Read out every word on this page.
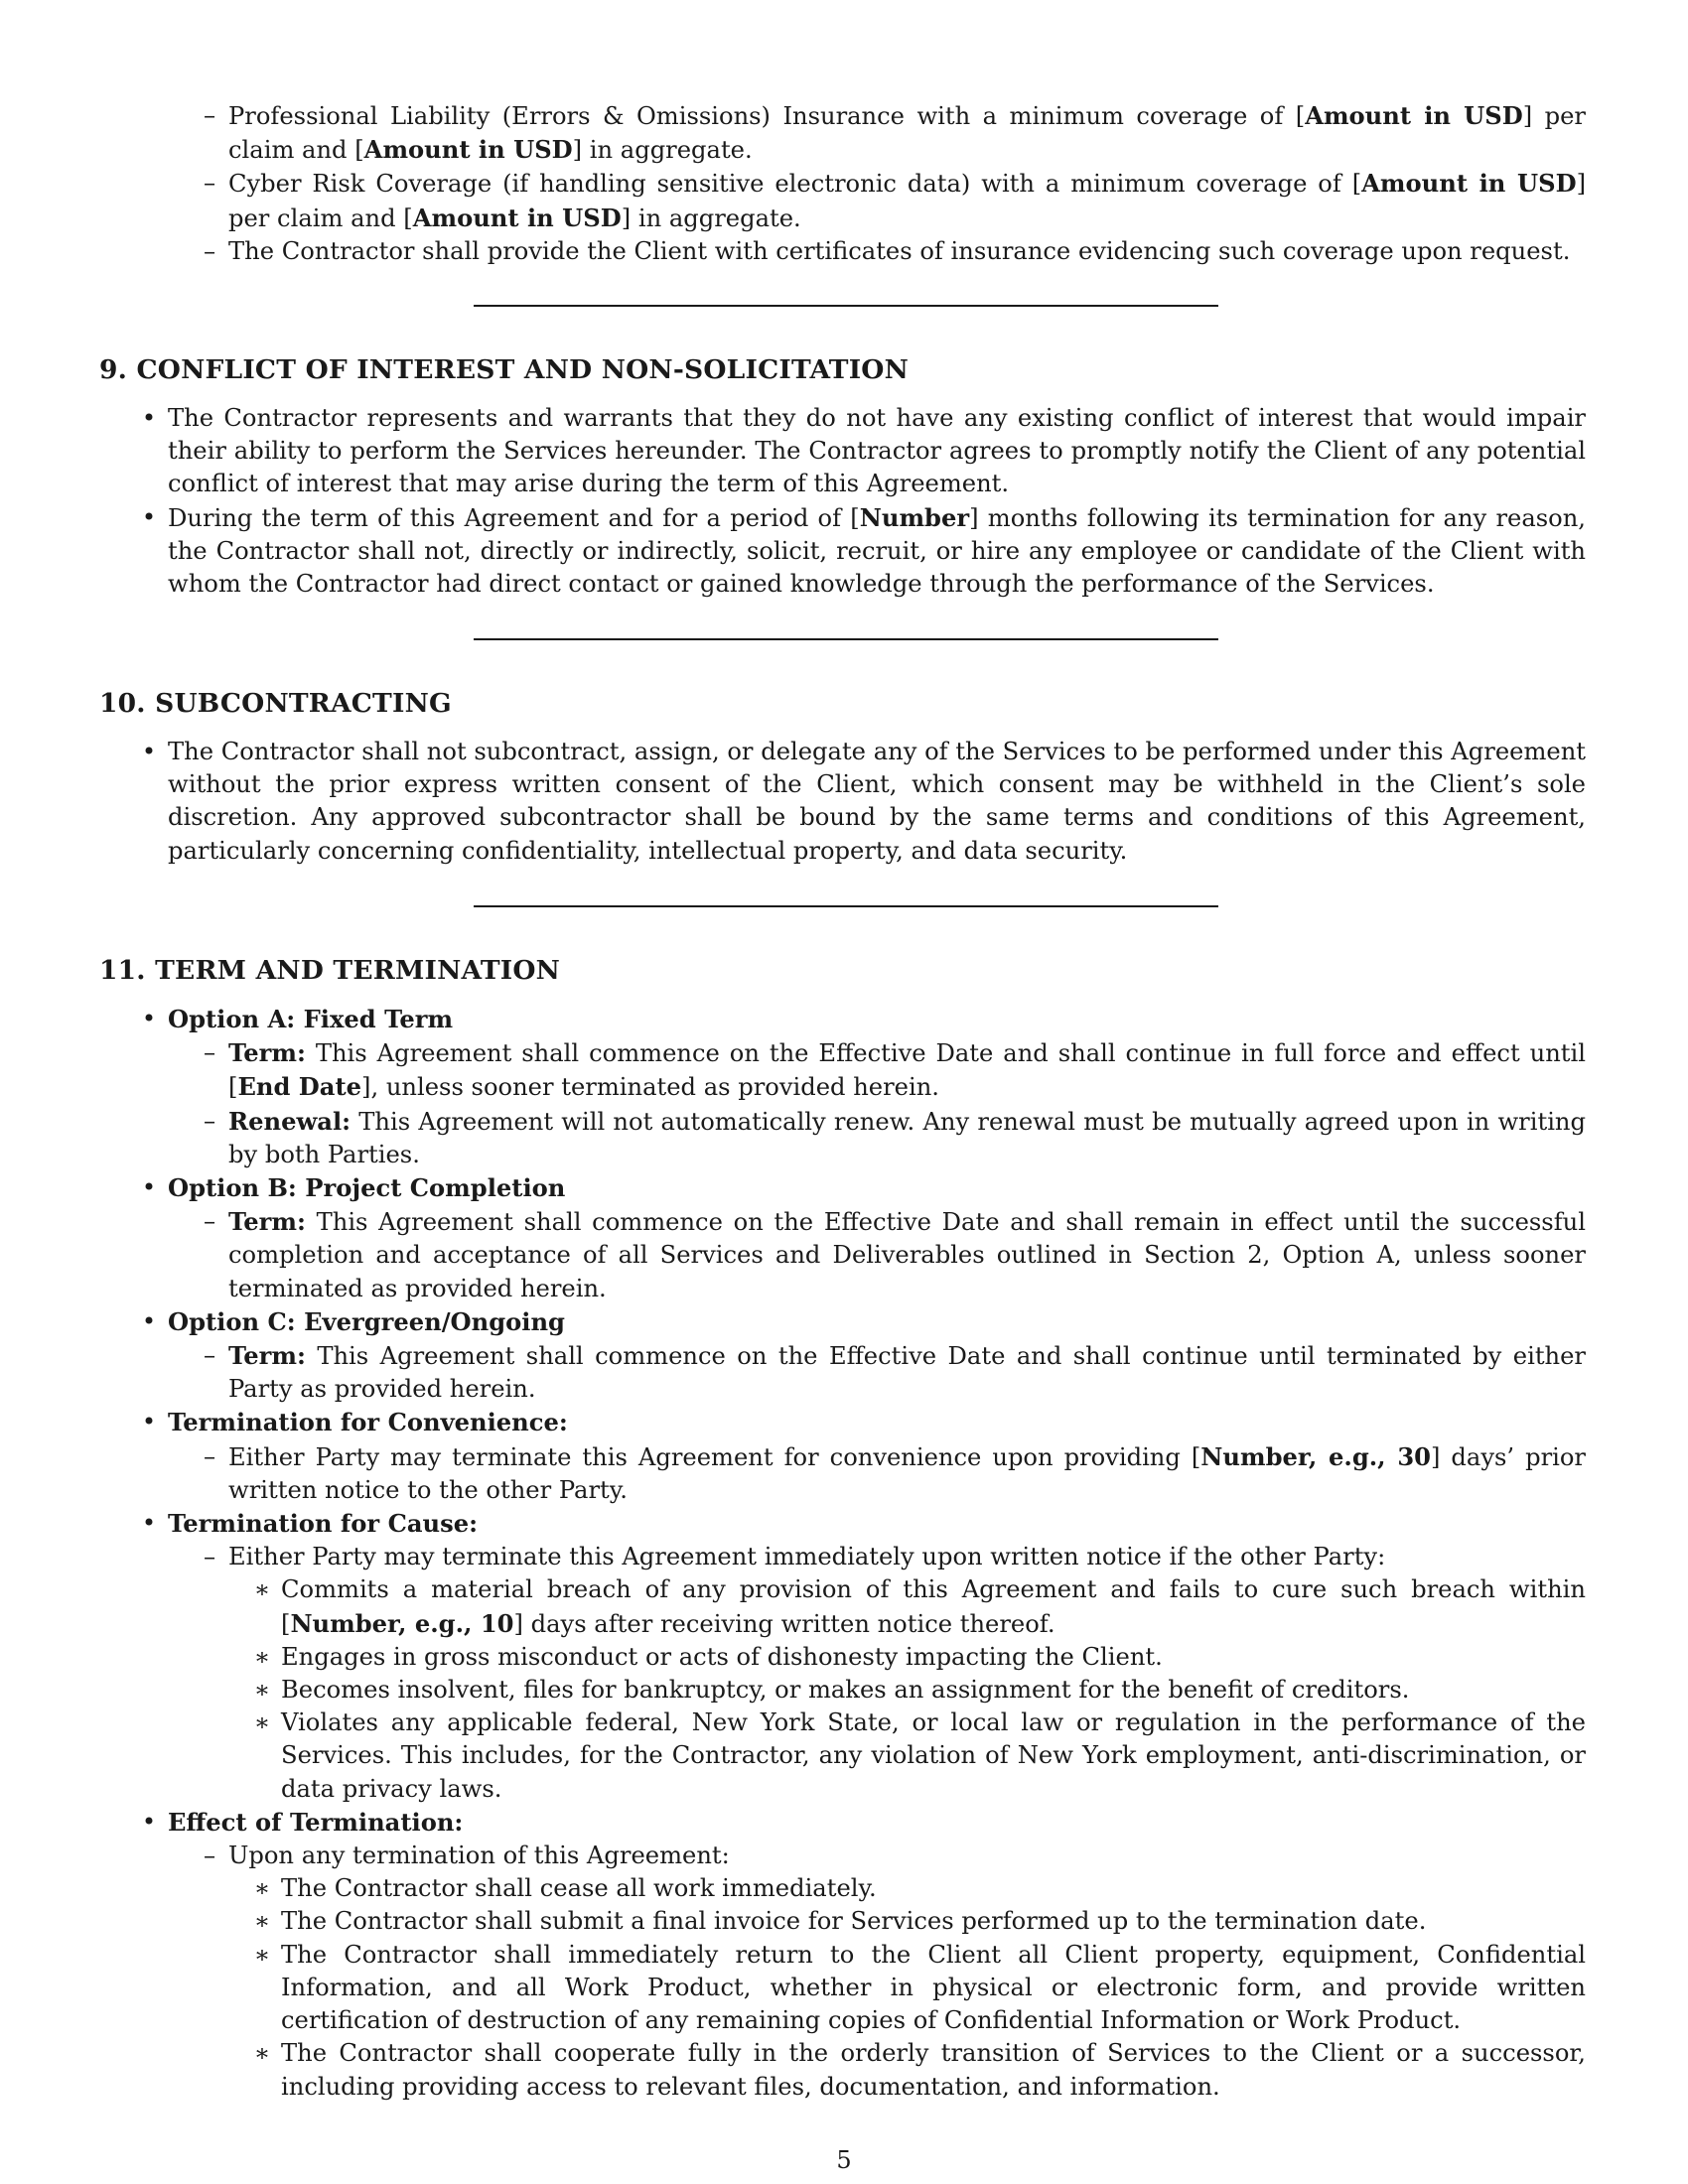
– Professional Liability (Errors & Omissions) Insurance with a minimum coverage of [Amount in USD] per claim and [Amount in USD] in aggregate.
– Cyber Risk Coverage (if handling sensitive electronic data) with a minimum coverage of [Amount in USD] per claim and [Amount in USD] in aggregate.
– The Contractor shall provide the Client with certificates of insurance evidencing such coverage upon request.
9. CONFLICT OF INTEREST AND NON-SOLICITATION
• The Contractor represents and warrants that they do not have any existing conflict of interest that would impair their ability to perform the Services hereunder. The Contractor agrees to promptly notify the Client of any potential conflict of interest that may arise during the term of this Agreement.
• During the term of this Agreement and for a period of [Number] months following its termination for any reason, the Contractor shall not, directly or indirectly, solicit, recruit, or hire any employee or candidate of the Client with whom the Contractor had direct contact or gained knowledge through the performance of the Services.
10. SUBCONTRACTING
• The Contractor shall not subcontract, assign, or delegate any of the Services to be performed under this Agreement without the prior express written consent of the Client, which consent may be withheld in the Client’s sole discretion. Any approved subcontractor shall be bound by the same terms and conditions of this Agreement, particularly concerning confidentiality, intellectual property, and data security.
11. TERM AND TERMINATION
• Option A: Fixed Term
– Term: This Agreement shall commence on the Effective Date and shall continue in full force and effect until [End Date], unless sooner terminated as provided herein.
– Renewal: This Agreement will not automatically renew. Any renewal must be mutually agreed upon in writing by both Parties.
• Option B: Project Completion
– Term: This Agreement shall commence on the Effective Date and shall remain in effect until the successful completion and acceptance of all Services and Deliverables outlined in Section 2, Option A, unless sooner terminated as provided herein.
• Option C: Evergreen/Ongoing
– Term: This Agreement shall commence on the Effective Date and shall continue until terminated by either Party as provided herein.
• Termination for Convenience:
– Either Party may terminate this Agreement for convenience upon providing [Number, e.g., 30] days’ prior written notice to the other Party.
• Termination for Cause:
– Either Party may terminate this Agreement immediately upon written notice if the other Party:
∗ Commits a material breach of any provision of this Agreement and fails to cure such breach within [Number, e.g., 10] days after receiving written notice thereof.
∗ Engages in gross misconduct or acts of dishonesty impacting the Client.
∗ Becomes insolvent, files for bankruptcy, or makes an assignment for the benefit of creditors.
∗ Violates any applicable federal, New York State, or local law or regulation in the performance of the Services. This includes, for the Contractor, any violation of New York employment, anti-discrimination, or data privacy laws.
• Effect of Termination:
– Upon any termination of this Agreement:
∗ The Contractor shall cease all work immediately.
∗ The Contractor shall submit a final invoice for Services performed up to the termination date.
∗ The Contractor shall immediately return to the Client all Client property, equipment, Confidential Information, and all Work Product, whether in physical or electronic form, and provide written certification of destruction of any remaining copies of Confidential Information or Work Product.
∗ The Contractor shall cooperate fully in the orderly transition of Services to the Client or a successor, including providing access to relevant files, documentation, and information.
5
